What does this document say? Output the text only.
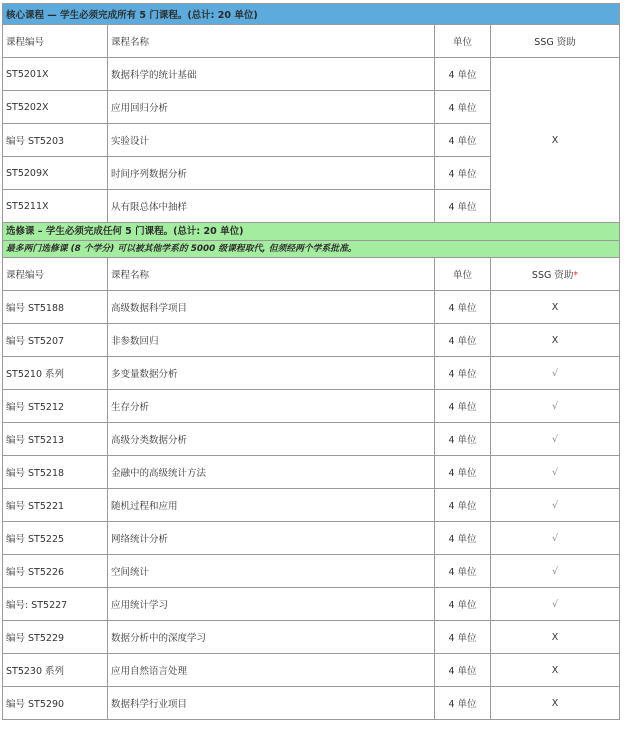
核心课程 — 学生必须完成所有 5 门课程。(总计: 20 单位)			
课程编号	课程名称	单位	SSG 资助
ST5201X	数据科学的统计基础	4 单位	X
ST5202X	应用回归分析	4 单位	
编号 ST5203	实验设计	4 单位	
ST5209X	时间序列数据分析	4 单位	
ST5211X	从有限总体中抽样	4 单位	
选修课 – 学生必须完成任何 5 门课程。(总计: 20 单位)			
最多两门选修课 (8 个学分) 可以被其他学系的 5000 级课程取代, 但须经两个学系批准。			
课程编号	课程名称	单位	SSG 资助*
编号 ST5188	高级数据科学项目	4 单位	X
编号 ST5207	非参数回归	4 单位	X
ST5210 系列	多变量数据分析	4 单位	√
编号 ST5212	生存分析	4 单位	√
编号 ST5213	高级分类数据分析	4 单位	√
编号 ST5218	金融中的高级统计方法	4 单位	√
编号 ST5221	随机过程和应用	4 单位	√
编号 ST5225	网络统计分析	4 单位	√
编号 ST5226	空间统计	4 单位	√
编号: ST5227	应用统计学习	4 单位	√
编号 ST5229	数据分析中的深度学习	4 单位	X
ST5230 系列	应用自然语言处理	4 单位	X
编号 ST5290	数据科学行业项目	4 单位	X
